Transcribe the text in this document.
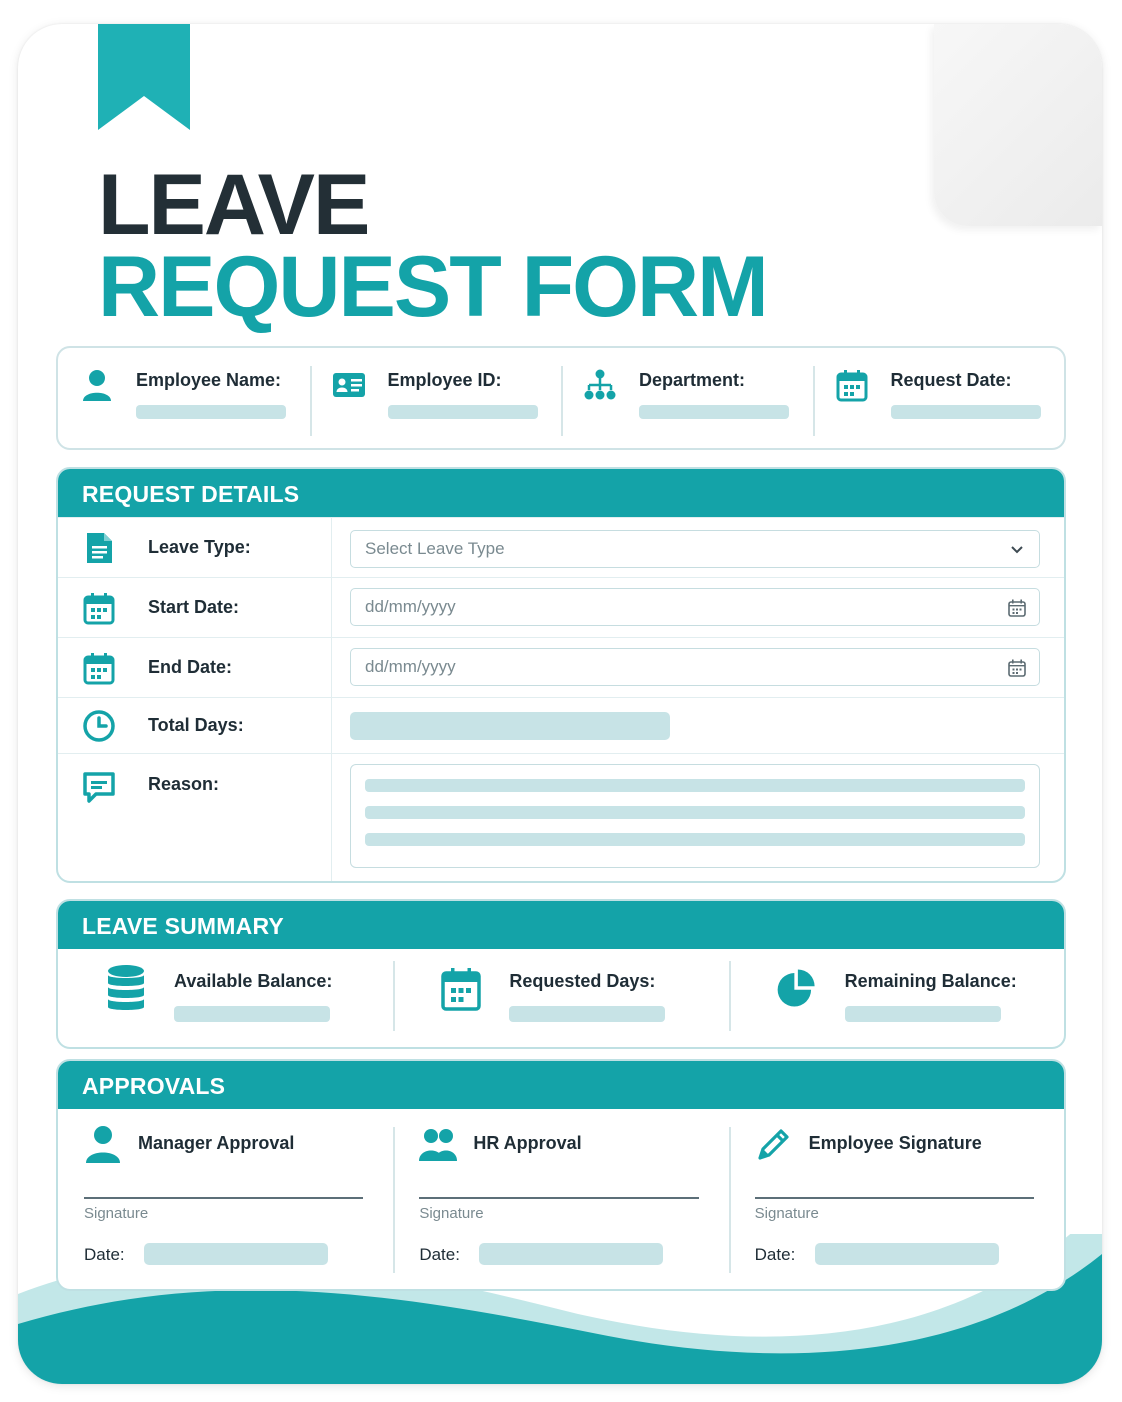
LEAVE
REQUEST FORM
Employee Name:	Employee ID:	Department:	Request Date:
REQUEST DETAILS
Leave Type:	Select Leave Type
Start Date:	dd/mm/yyyy
End Date:	dd/mm/yyyy
Total Days:
Reason:
LEAVE SUMMARY
Available Balance:	Requested Days:	Remaining Balance:
APPROVALS
Manager Approval
Signature
Date:
HR Approval
Signature
Date:
Employee Signature
Signature
Date:
